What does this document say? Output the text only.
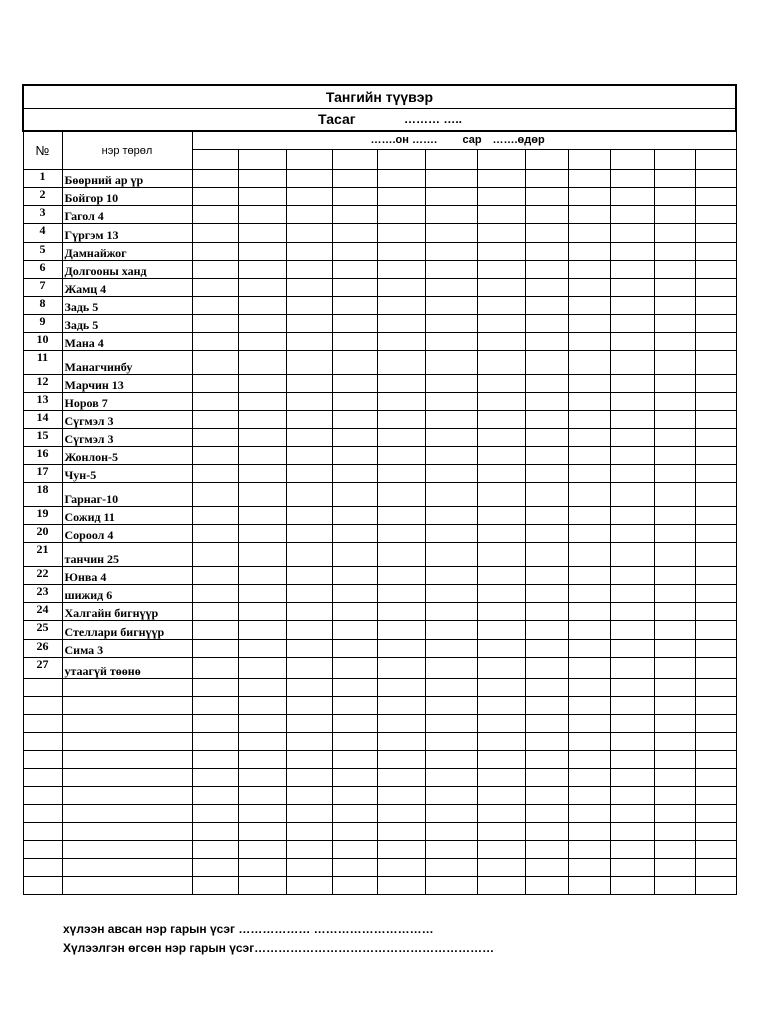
Тангийн түүвэр													

Тасаг ……… …..													

№	нэр төрөл	…….он ……. сар …….өдөр											

1	Бөөрний ар үр												
2	Бойгор 10												
3	Гагол 4												
4	Гүргэм 13												
5	Дамнайжог												
6	Долгооны ханд												
7	Жамц 4												
8	Задь 5												
9	Задь 5												
10	Мана 4												
11	Манагчинбу												
12	Марчин 13												
13	Норов 7												
14	Сүгмэл 3												
15	Сүгмэл 3												
16	Жонлон-5												
17	Чун-5												
18	Гарнаг-10												
19	Сожид 11												
20	Сороол 4												
21	танчин 25												
22	Юнва 4												
23	шижид 6												
24	Халгайн бигнүүр												
25	Стеллари бигнүүр												
26	Сима 3												
27	утаагүй төөнө												

хүлээн авсан нэр гарын үсэг ……………… …………………………
Хүлээлгэн өгсөн нэр гарын үсэг……………………………………………………
